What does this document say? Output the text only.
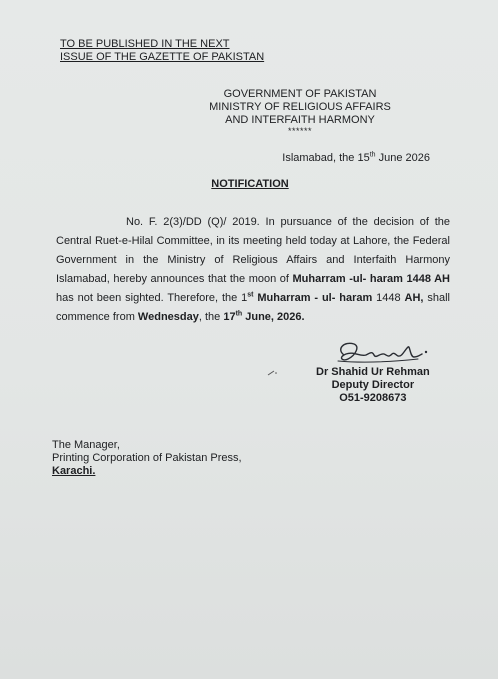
TO BE PUBLISHED IN THE NEXT
ISSUE OF THE GAZETTE OF PAKISTAN
GOVERNMENT OF PAKISTAN
MINISTRY OF RELIGIOUS AFFAIRS
AND INTERFAITH HARMONY
******
Islamabad, the 15th June 2026
NOTIFICATION
No. F. 2(3)/DD (Q)/ 2019. In pursuance of the decision of the Central Ruet-e-Hilal Committee, in its meeting held today at Lahore, the Federal Government in the Ministry of Religious Affairs and Interfaith Harmony Islamabad, hereby announces that the moon of Muharram -ul- haram 1448 AH has not been sighted. Therefore, the 1st Muharram - ul- haram 1448 AH, shall commence from Wednesday, the 17th June, 2026.
Dr Shahid Ur Rehman
Deputy Director
O51-9208673
The Manager,
Printing Corporation of Pakistan Press,
Karachi.
